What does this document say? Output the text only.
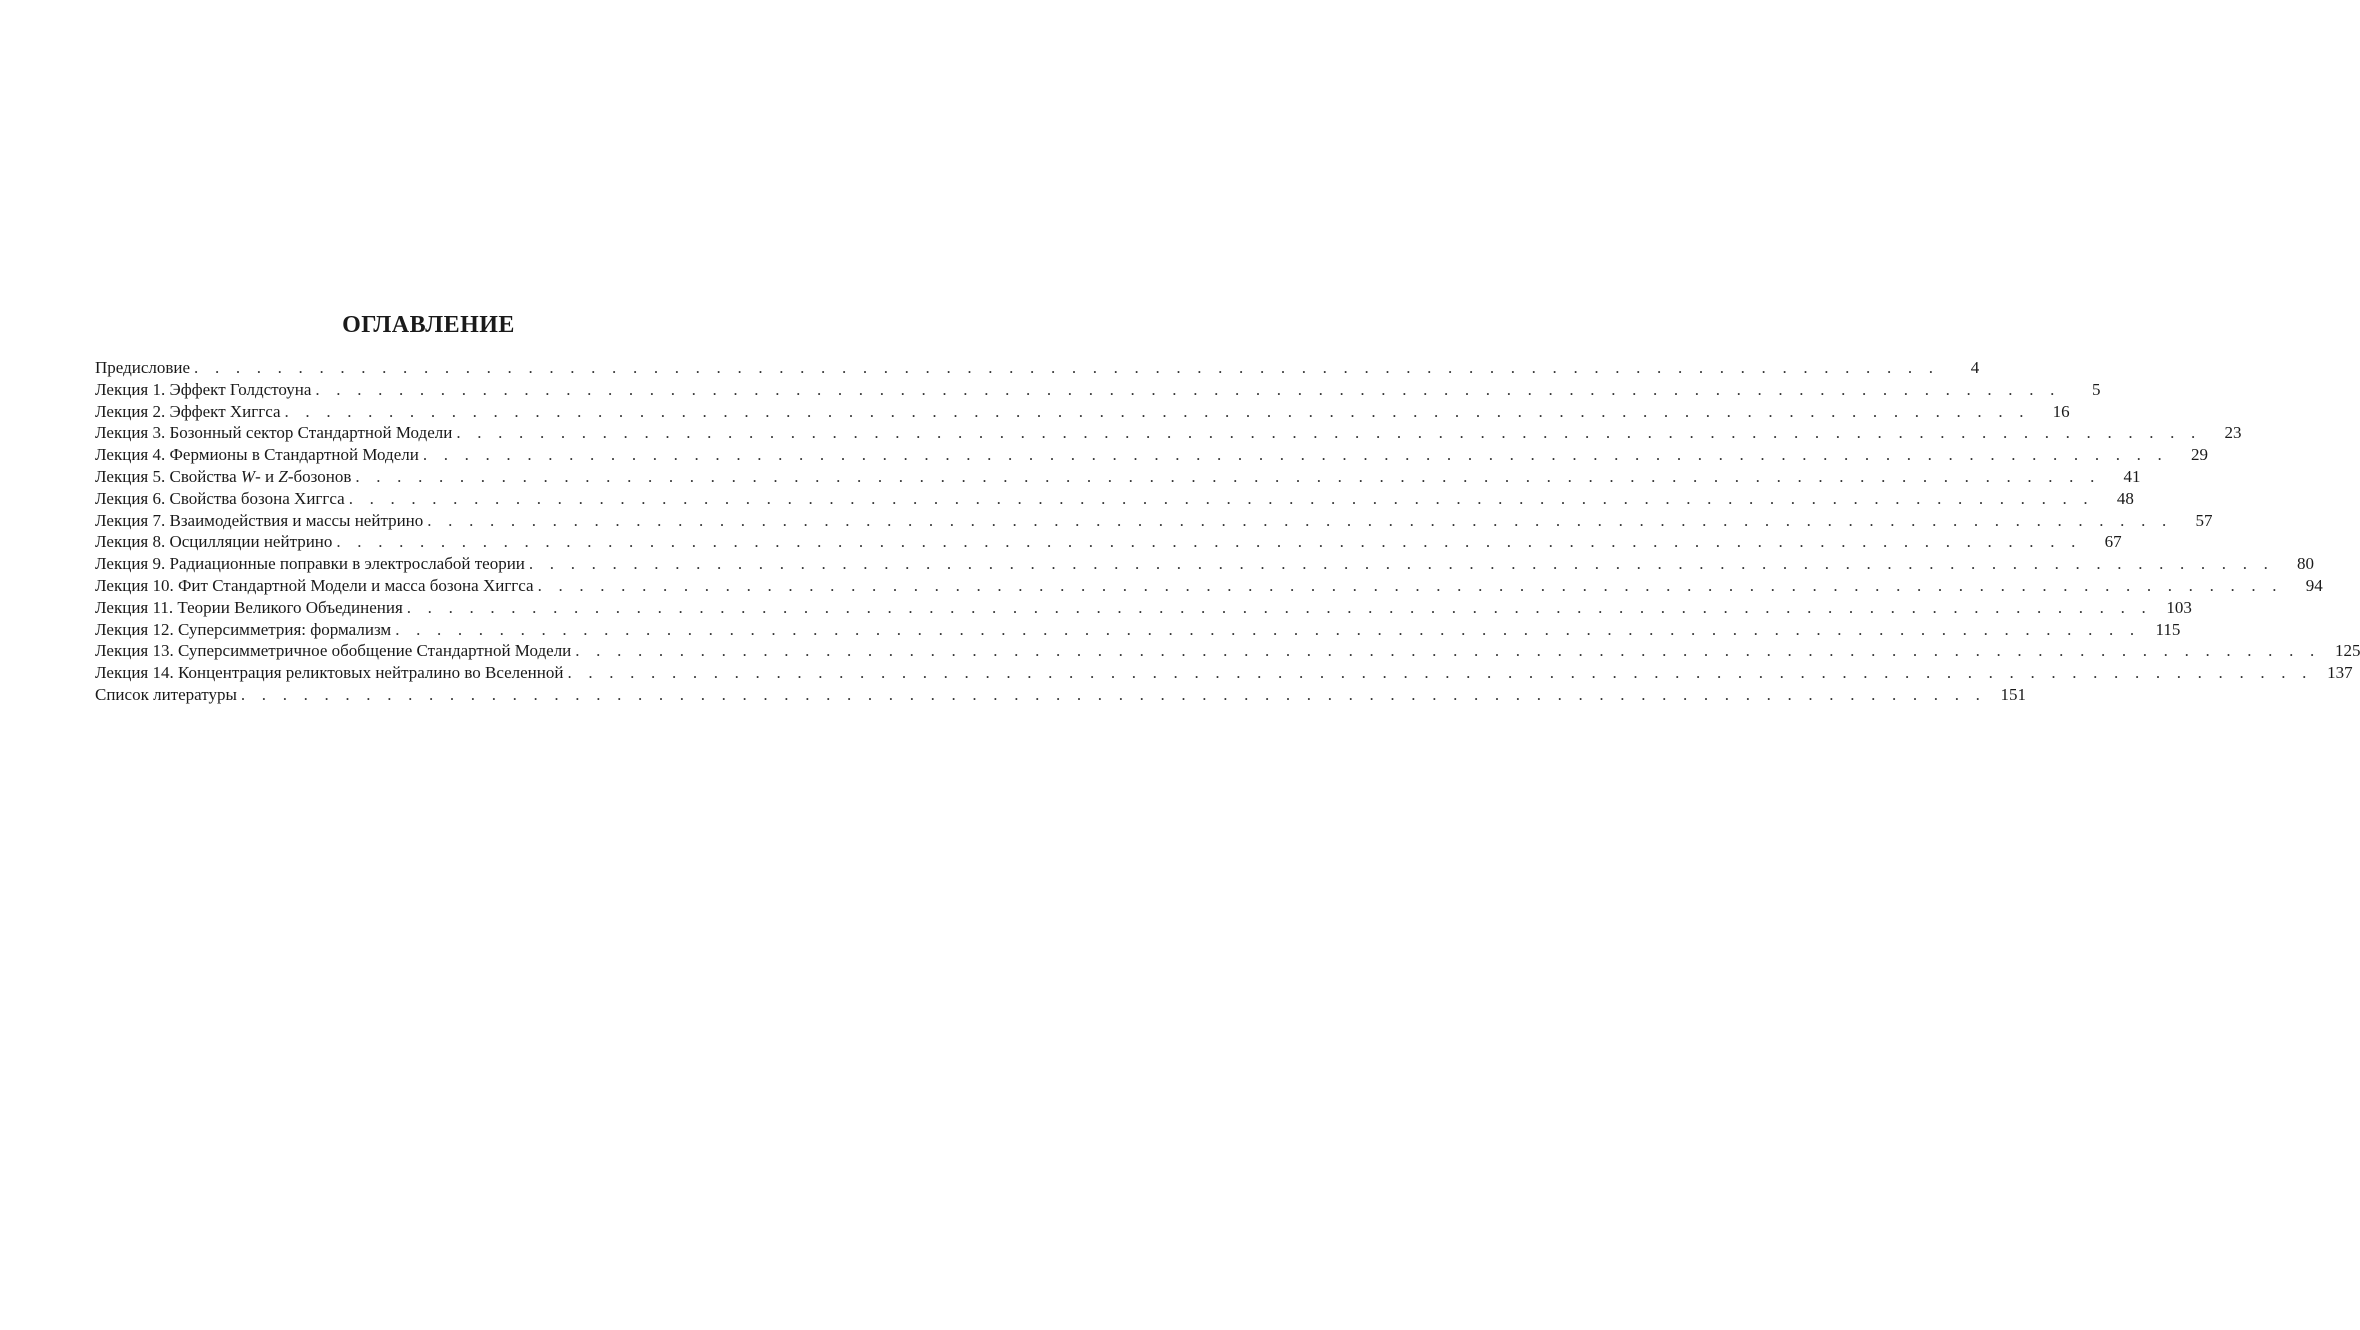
ОГЛАВЛЕНИЕ
Предисловие . . . . . . . . . . . . . . . . . . . . . . . . . . . . . . . . . . . . . . . . . . . . . . . . . . . . . . . . . . . . . . . . . . . . . . . . . . . . . . . . . . . .	4
Лекция 1. Эффект Голдстоуна . . . . . . . . . . . . . . . . . . . . . . . . . . . . . . . . . . . . . . . . . . . . . . . . . . . . . . . . . . . . . . . . . . . . . . . . . . . . . . . . . . . .	5
Лекция 2. Эффект Хиггса . . . . . . . . . . . . . . . . . . . . . . . . . . . . . . . . . . . . . . . . . . . . . . . . . . . . . . . . . . . . . . . . . . . . . . . . . . . . . . . . . . . .	16
Лекция 3. Бозонный сектор Стандартной Модели . . . . . . . . . . . . . . . . . . . . . . . . . . . . . . . . . . . . . . . . . . . . . . . . . . . . . . . . . . . . . . . . . . . . . . . . . . . . . . . . . . . .	23
Лекция 4. Фермионы в Стандартной Модели . . . . . . . . . . . . . . . . . . . . . . . . . . . . . . . . . . . . . . . . . . . . . . . . . . . . . . . . . . . . . . . . . . . . . . . . . . . . . . . . . . . .	29
Лекция 5. Свойства W- и Z-бозонов . . . . . . . . . . . . . . . . . . . . . . . . . . . . . . . . . . . . . . . . . . . . . . . . . . . . . . . . . . . . . . . . . . . . . . . . . . . . . . . . . . . .	41
Лекция 6. Свойства бозона Хиггса . . . . . . . . . . . . . . . . . . . . . . . . . . . . . . . . . . . . . . . . . . . . . . . . . . . . . . . . . . . . . . . . . . . . . . . . . . . . . . . . . . . .	48
Лекция 7. Взаимодействия и массы нейтрино . . . . . . . . . . . . . . . . . . . . . . . . . . . . . . . . . . . . . . . . . . . . . . . . . . . . . . . . . . . . . . . . . . . . . . . . . . . . . . . . . . . .	57
Лекция 8. Осцилляции нейтрино . . . . . . . . . . . . . . . . . . . . . . . . . . . . . . . . . . . . . . . . . . . . . . . . . . . . . . . . . . . . . . . . . . . . . . . . . . . . . . . . . . . .	67
Лекция 9. Радиационные поправки в электрослабой теории . . . . . . . . . . . . . . . . . . . . . . . . . . . . . . . . . . . . . . . . . . . . . . . . . . . . . . . . . . . . . . . . . . . . . . . . . . . . . . . . . . . .	80
Лекция 10. Фит Стандартной Модели и масса бозона Хиггса . . . . . . . . . . . . . . . . . . . . . . . . . . . . . . . . . . . . . . . . . . . . . . . . . . . . . . . . . . . . . . . . . . . . . . . . . . . . . . . . . . . .	94
Лекция 11. Теории Великого Объединения . . . . . . . . . . . . . . . . . . . . . . . . . . . . . . . . . . . . . . . . . . . . . . . . . . . . . . . . . . . . . . . . . . . . . . . . . . . . . . . . . . . . 103
Лекция 12. Суперсимметрия: формализм . . . . . . . . . . . . . . . . . . . . . . . . . . . . . . . . . . . . . . . . . . . . . . . . . . . . . . . . . . . . . . . . . . . . . . . . . . . . . . . . . . . . 115
Лекция 13. Суперсимметричное обобщение Стандартной Модели . . . . . . . . . . . . . . . . . . . . . . . . . . . . . . . . . . . . . . . . . . . . . . . . . . . . . . . . . . . . . . . . . . . . . . . . . . . . . . . . . . . . 125
Лекция 14. Концентрация реликтовых нейтралино во Вселенной . . . . . . . . . . . . . . . . . . . . . . . . . . . . . . . . . . . . . . . . . . . . . . . . . . . . . . . . . . . . . . . . . . . . . . . . . . . . . . . . . . . . 137
Список литературы . . . . . . . . . . . . . . . . . . . . . . . . . . . . . . . . . . . . . . . . . . . . . . . . . . . . . . . . . . . . . . . . . . . . . . . . . . . . . . . . . . . . 151
